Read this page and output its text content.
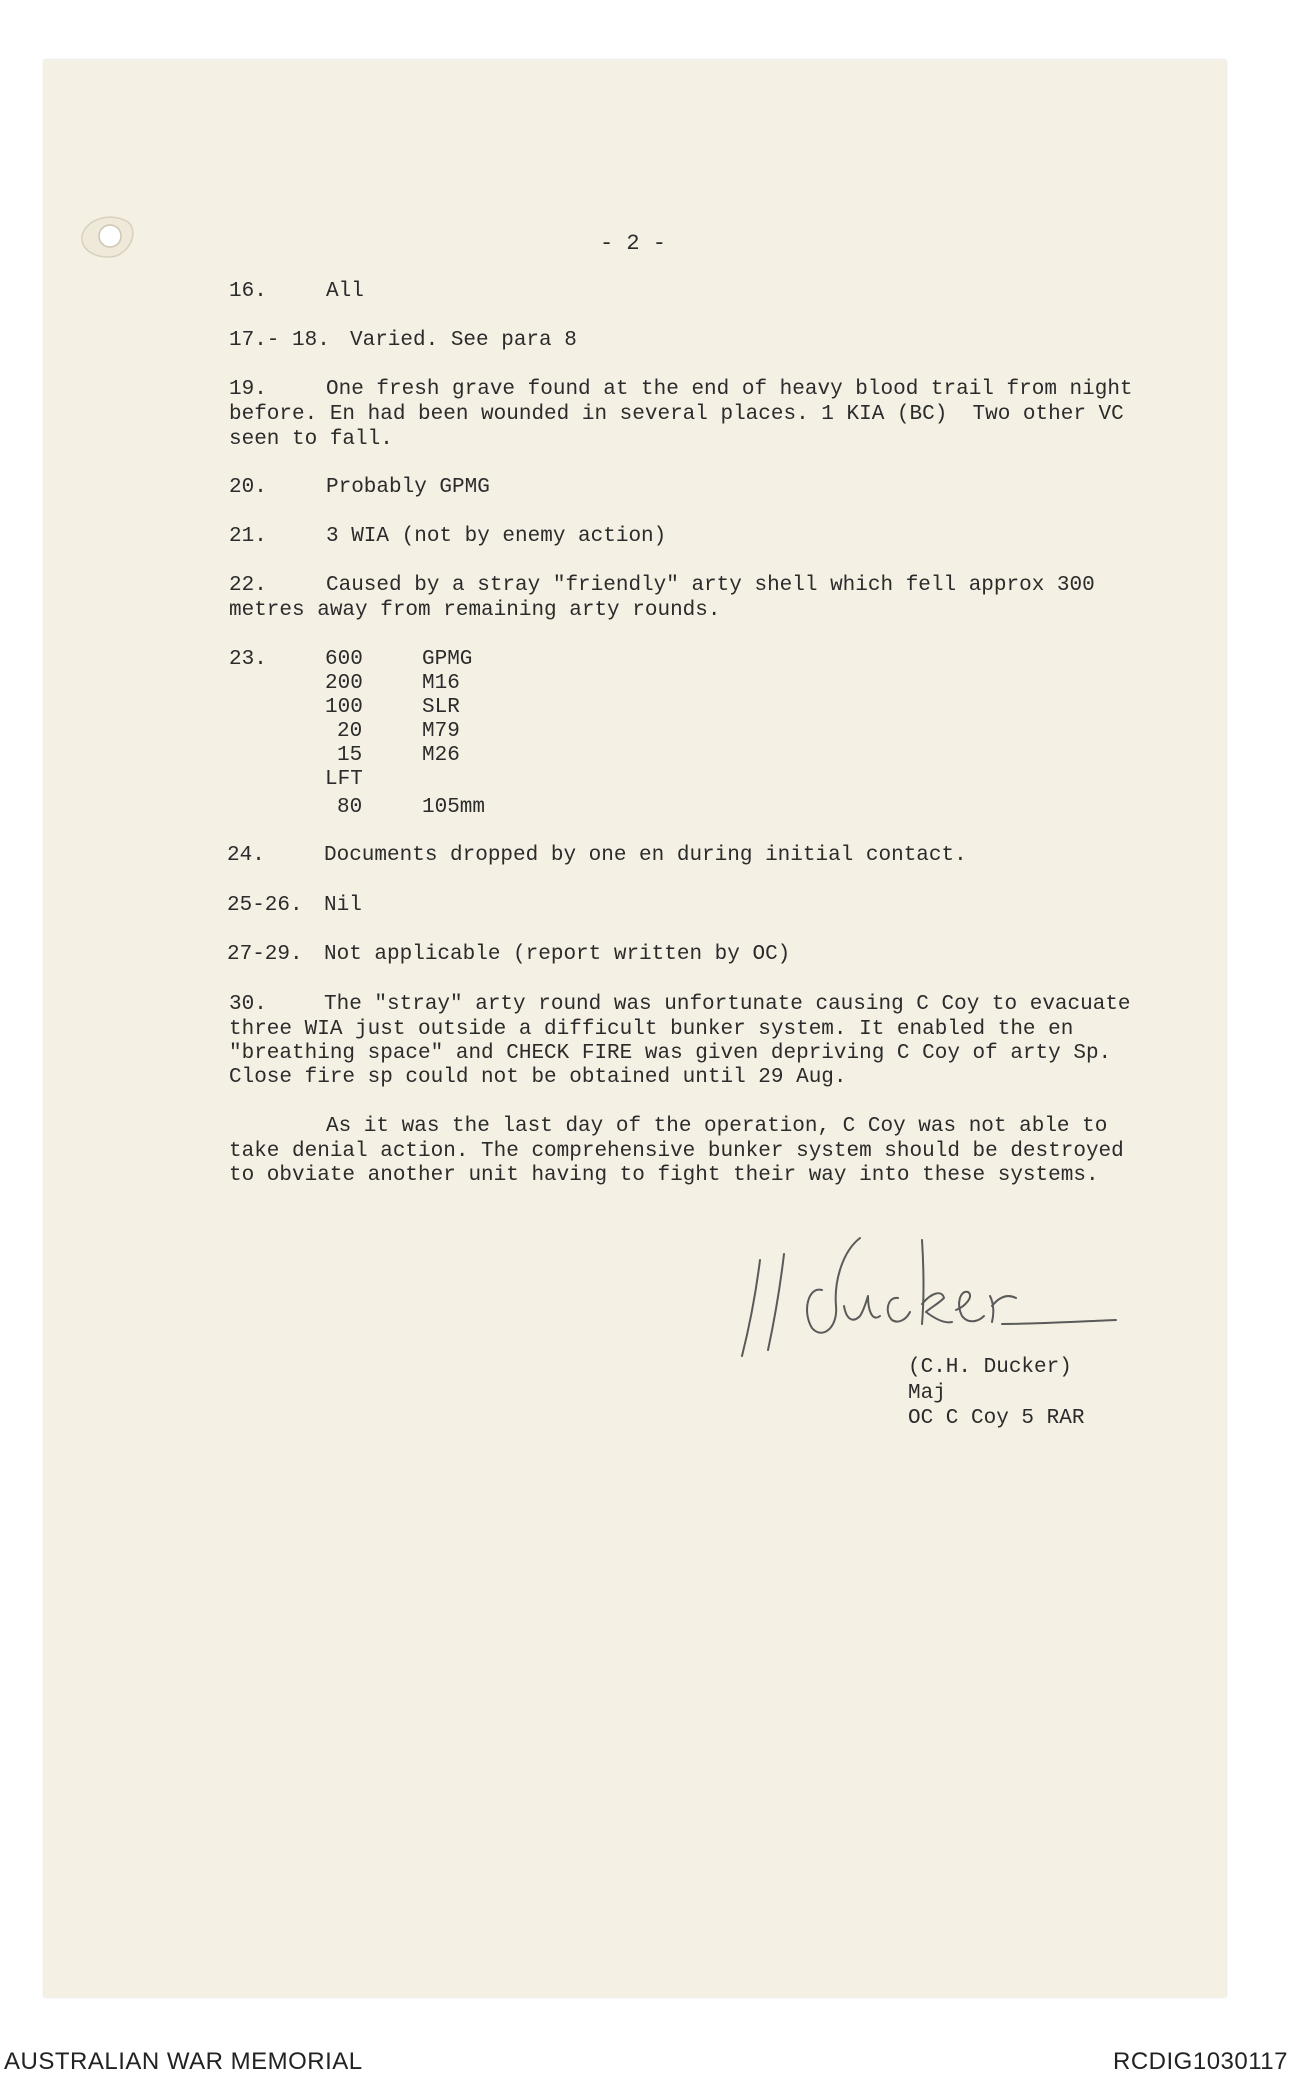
- 2 -
16.	All
17.- 18. Varied. See para 8
19.	One fresh grave found at the end of heavy blood trail from night
before. En had been wounded in several places. 1 KIA (BC)  Two other VC
seen to fall.
20.	Probably GPMG
21.	3 WIA (not by enemy action)
22.	Caused by a stray "friendly" arty shell which fell approx 300
metres away from remaining arty rounds.
23.	600	GPMG
200	M16
100	SLR
20	M79
15	M26
LFT
80	105mm
24.	Documents dropped by one en during initial contact.
25-26. Nil
27-29. Not applicable (report written by OC)
30.	The "stray" arty round was unfortunate causing C Coy to evacuate
three WIA just outside a difficult bunker system. It enabled the en
"breathing space" and CHECK FIRE was given depriving C Coy of arty Sp.
Close fire sp could not be obtained until 29 Aug.
As it was the last day of the operation, C Coy was not able to
take denial action. The comprehensive bunker system should be destroyed
to obviate another unit having to fight their way into these systems.
(C.H. Ducker)
Maj
OC C Coy 5 RAR
AUSTRALIAN WAR MEMORIAL	RCDIG1030117
